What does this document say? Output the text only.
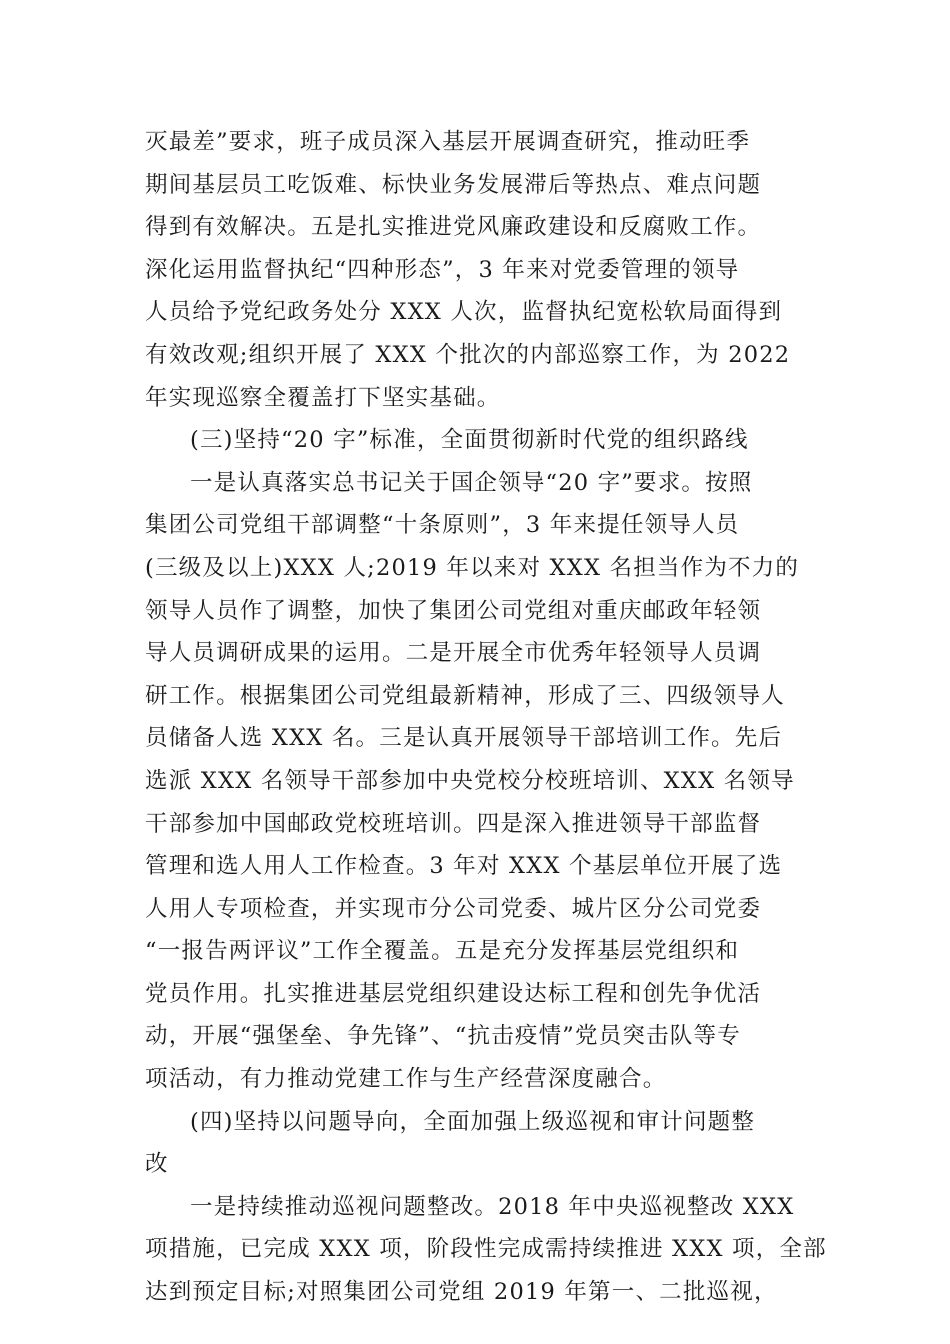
灭最差”要求，班子成员深入基层开展调查研究，推动旺季
期间基层员工吃饭难、标快业务发展滞后等热点、难点问题
得到有效解决。五是扎实推进党风廉政建设和反腐败工作。
深化运用监督执纪“四种形态”，3 年来对党委管理的领导
人员给予党纪政务处分 XXX 人次，监督执纪宽松软局面得到
有效改观;组织开展了 XXX 个批次的内部巡察工作，为 2022
年实现巡察全覆盖打下坚实基础。
(三)坚持“20 字”标准，全面贯彻新时代党的组织路线
一是认真落实总书记关于国企领导“20 字”要求。按照
集团公司党组干部调整“十条原则”，3 年来提任领导人员
(三级及以上)XXX 人;2019 年以来对 XXX 名担当作为不力的
领导人员作了调整，加快了集团公司党组对重庆邮政年轻领
导人员调研成果的运用。二是开展全市优秀年轻领导人员调
研工作。根据集团公司党组最新精神，形成了三、四级领导人
员储备人选 XXX 名。三是认真开展领导干部培训工作。先后
选派 XXX 名领导干部参加中央党校分校班培训、XXX 名领导
干部参加中国邮政党校班培训。四是深入推进领导干部监督
管理和选人用人工作检查。3 年对 XXX 个基层单位开展了选
人用人专项检查，并实现市分公司党委、城片区分公司党委
“一报告两评议”工作全覆盖。五是充分发挥基层党组织和
党员作用。扎实推进基层党组织建设达标工程和创先争优活
动，开展“强堡垒、争先锋”、“抗击疫情”党员突击队等专
项活动，有力推动党建工作与生产经营深度融合。
(四)坚持以问题导向，全面加强上级巡视和审计问题整
改
一是持续推动巡视问题整改。2018 年中央巡视整改 XXX
项措施，已完成 XXX 项，阶段性完成需持续推进 XXX 项，全部
达到预定目标;对照集团公司党组 2019 年第一、二批巡视，
